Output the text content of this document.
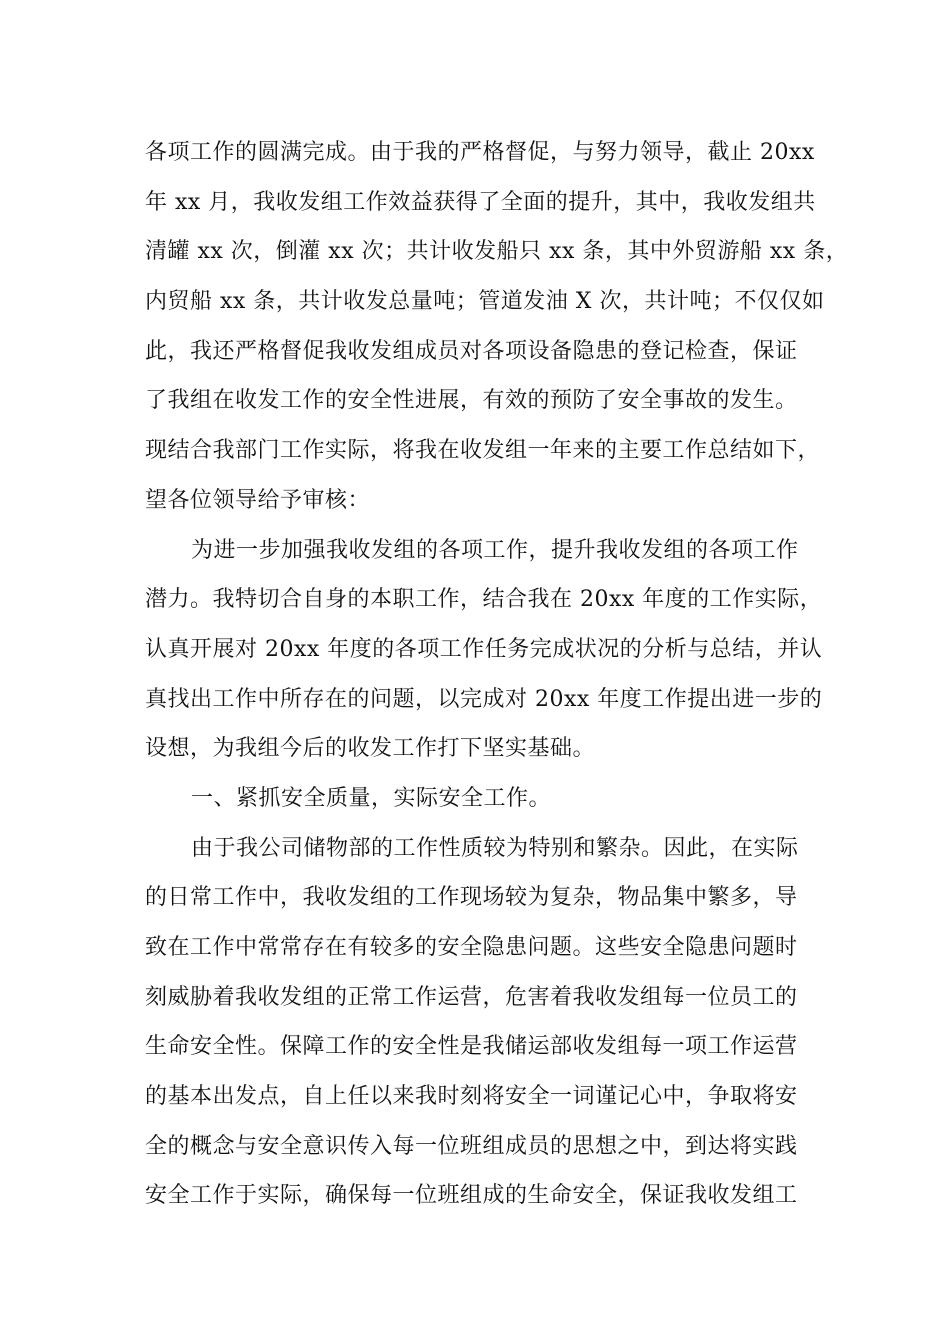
各项工作的圆满完成。由于我的严格督促，与努力领导，截止 20xx
年 xx 月，我收发组工作效益获得了全面的提升，其中，我收发组共
清罐 xx 次，倒灌 xx 次；共计收发船只 xx 条，其中外贸游船 xx 条，
内贸船 xx 条，共计收发总量吨；管道发油 X 次，共计吨；不仅仅如
此，我还严格督促我收发组成员对各项设备隐患的登记检查，保证
了我组在收发工作的安全性进展，有效的预防了安全事故的发生。
现结合我部门工作实际，将我在收发组一年来的主要工作总结如下，
望各位领导给予审核：
为进一步加强我收发组的各项工作，提升我收发组的各项工作
潜力。我特切合自身的本职工作，结合我在 20xx 年度的工作实际，
认真开展对 20xx 年度的各项工作任务完成状况的分析与总结，并认
真找出工作中所存在的问题，以完成对 20xx 年度工作提出进一步的
设想，为我组今后的收发工作打下坚实基础。
一、紧抓安全质量，实际安全工作。
由于我公司储物部的工作性质较为特别和繁杂。因此，在实际
的日常工作中，我收发组的工作现场较为复杂，物品集中繁多，导
致在工作中常常存在有较多的安全隐患问题。这些安全隐患问题时
刻威胁着我收发组的正常工作运营，危害着我收发组每一位员工的
生命安全性。保障工作的安全性是我储运部收发组每一项工作运营
的基本出发点，自上任以来我时刻将安全一词谨记心中，争取将安
全的概念与安全意识传入每一位班组成员的思想之中，到达将实践
安全工作于实际，确保每一位班组成的生命安全，保证我收发组工
